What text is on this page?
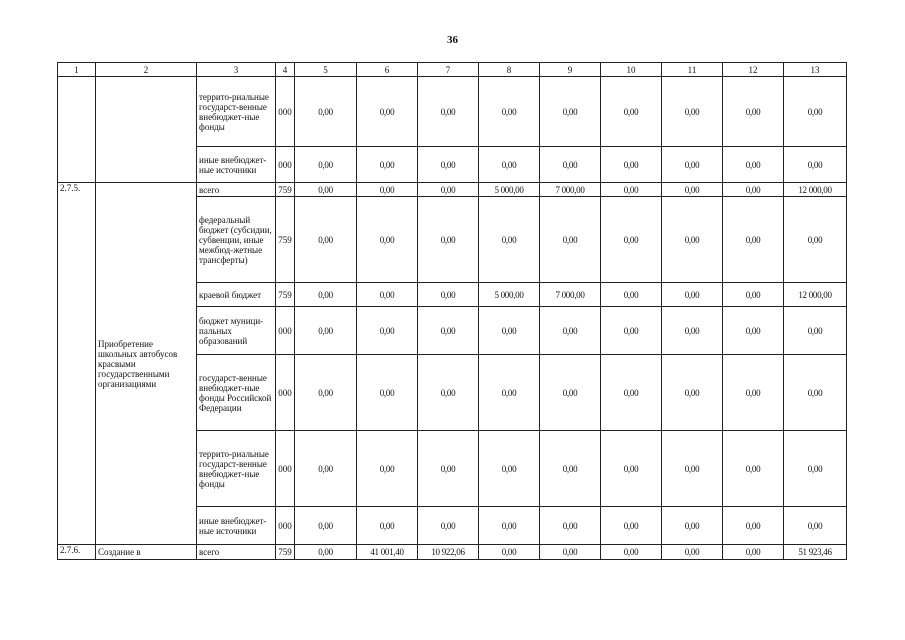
36
1	2	3	4	5	6	7	8	9	10	11	12	13
		террито-риальные государст-венные внебюджет-ные фонды	000	0,00	0,00	0,00	0,00	0,00	0,00	0,00	0,00	0,00
		иные внебюджет-ные источники	000	0,00	0,00	0,00	0,00	0,00	0,00	0,00	0,00	0,00
2.7.5.	Приобретение школьных автобусов красвыми государственными организациями	всего	759	0,00	0,00	0,00	5 000,00	7 000,00	0,00	0,00	0,00	12 000,00
		федеральный бюджет (субсидии, субвенции, иные межбюд-жетные трансферты)	759	0,00	0,00	0,00	0,00	0,00	0,00	0,00	0,00	0,00
		краевой бюджет	759	0,00	0,00	0,00	5 000,00	7 000,00	0,00	0,00	0,00	12 000,00
		бюджет муници-пальных образований	000	0,00	0,00	0,00	0,00	0,00	0,00	0,00	0,00	0,00
		государст-венные внебюджет-ные фонды Российской Федерации	000	0,00	0,00	0,00	0,00	0,00	0,00	0,00	0,00	0,00
		террито-риальные государст-венные внебюджет-ные фонды	000	0,00	0,00	0,00	0,00	0,00	0,00	0,00	0,00	0,00
		иные внебюджет-ные источники	000	0,00	0,00	0,00	0,00	0,00	0,00	0,00	0,00	0,00
2.7.6.	Создание в	всего	759	0,00	41 001,40	10 922,06	0,00	0,00	0,00	0,00	0,00	51 923,46
